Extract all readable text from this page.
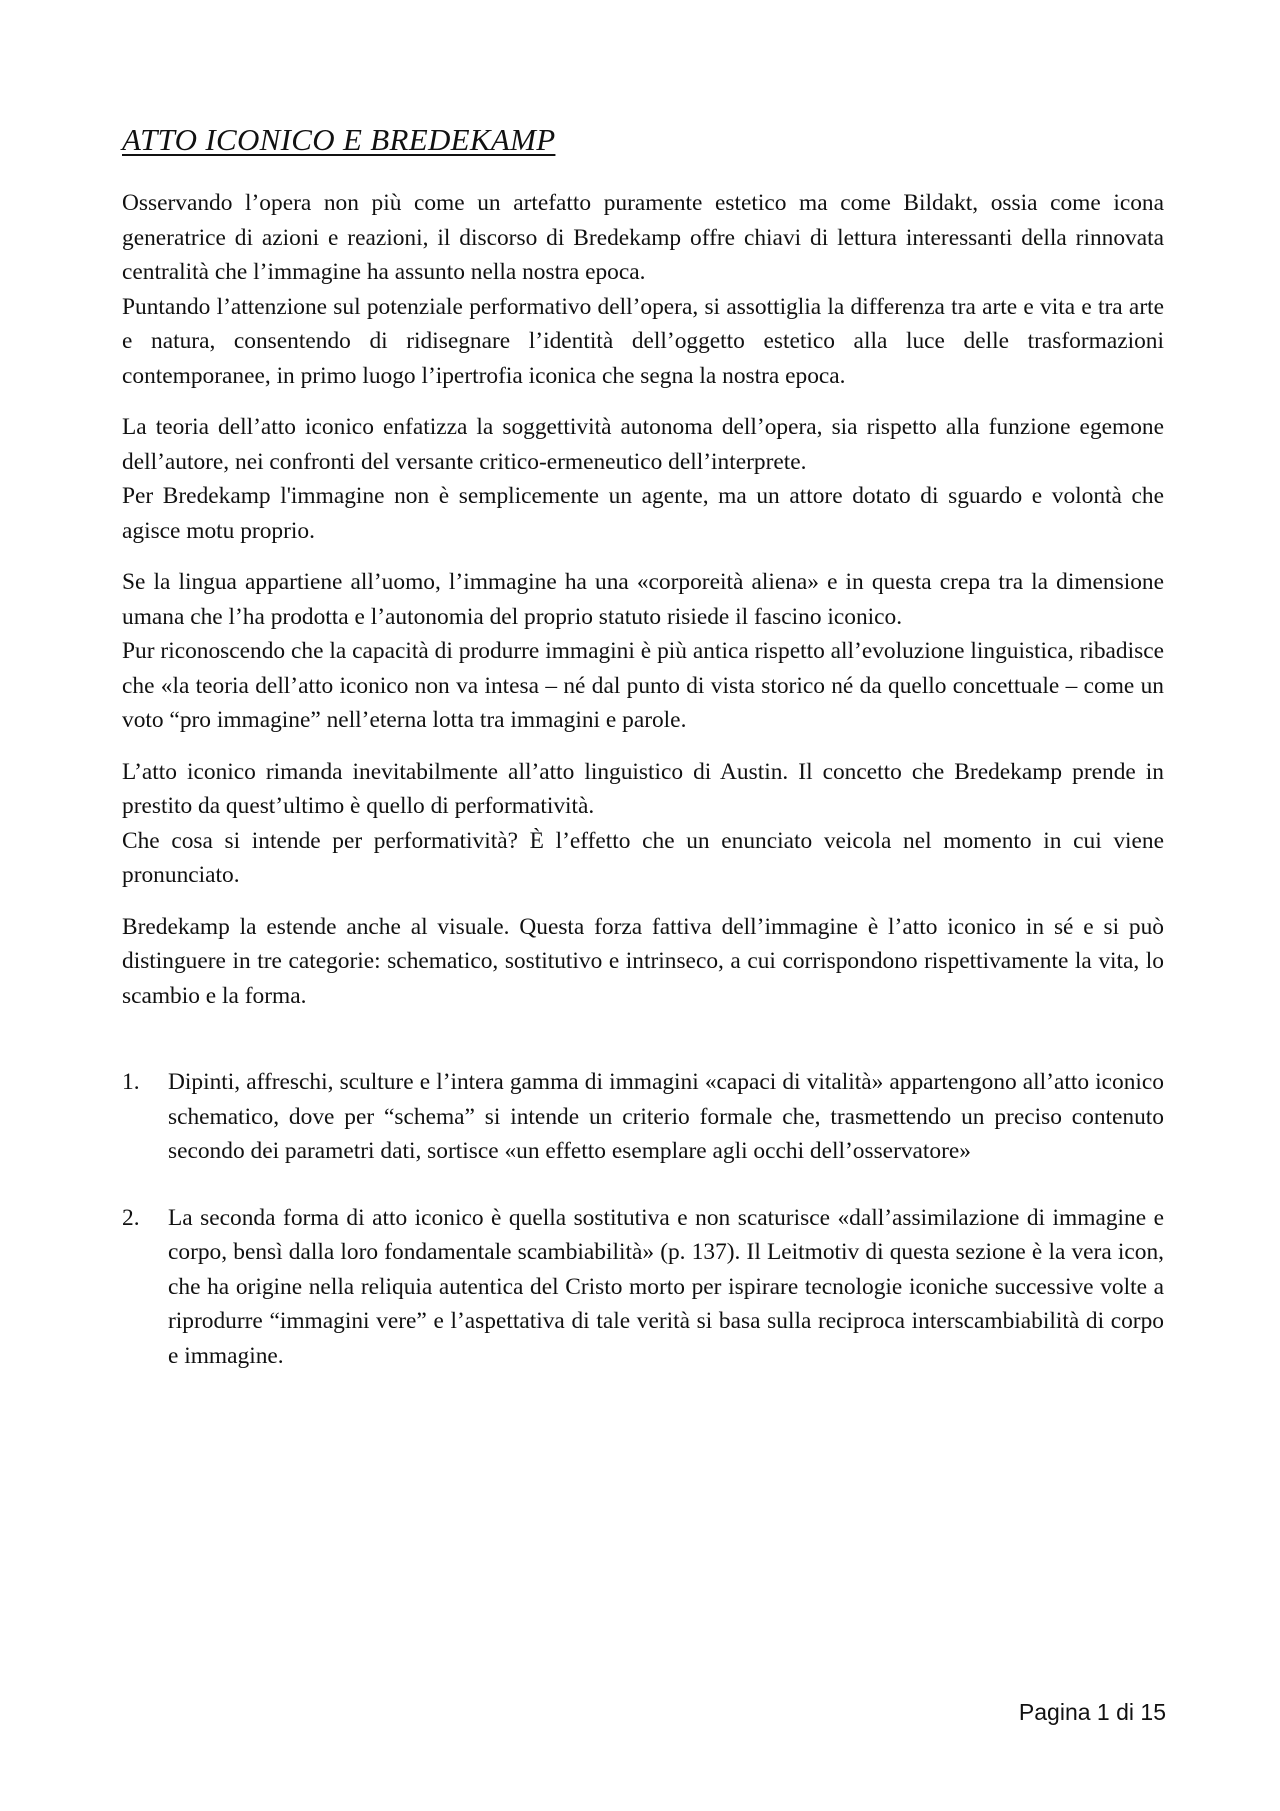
ATTO ICONICO E BREDEKAMP

Osservando l’opera non più come un artefatto puramente estetico ma come Bildakt, ossia come icona generatrice di azioni e reazioni, il discorso di Bredekamp offre chiavi di lettura interessanti della rinnovata centralità che l’immagine ha assunto nella nostra epoca.

Puntando l’attenzione sul potenziale performativo dell’opera, si assottiglia la differenza tra arte e vita e tra arte e natura, consentendo di ridisegnare l’identità dell’oggetto estetico alla luce delle trasformazioni contemporanee, in primo luogo l’ipertrofia iconica che segna la nostra epoca.

La teoria dell’atto iconico enfatizza la soggettività autonoma dell’opera, sia rispetto alla funzione egemone dell’autore, nei confronti del versante critico-ermeneutico dell’interprete.

Per Bredekamp l'immagine non è semplicemente un agente, ma un attore dotato di sguardo e volontà che agisce motu proprio.

Se la lingua appartiene all’uomo, l’immagine ha una «corporeità aliena» e in questa crepa tra la dimensione umana che l’ha prodotta e l’autonomia del proprio statuto risiede il fascino iconico.

Pur riconoscendo che la capacità di produrre immagini è più antica rispetto all’evoluzione linguistica, ribadisce che «la teoria dell’atto iconico non va intesa – né dal punto di vista storico né da quello concettuale – come un voto “pro immagine” nell’eterna lotta tra immagini e parole.

L’atto iconico rimanda inevitabilmente all’atto linguistico di Austin. Il concetto che Bredekamp prende in prestito da quest’ultimo è quello di performatività.

Che cosa si intende per performatività? È l’effetto che un enunciato veicola nel momento in cui viene pronunciato.

Bredekamp la estende anche al visuale. Questa forza fattiva dell’immagine è l’atto iconico in sé e si può distinguere in tre categorie: schematico, sostitutivo e intrinseco, a cui corrispondono rispettivamente la vita, lo scambio e la forma.

1.	Dipinti, affreschi, sculture e l’intera gamma di immagini «capaci di vitalità» appartengono all’atto iconico schematico, dove per “schema” si intende un criterio formale che, trasmettendo un preciso contenuto secondo dei parametri dati, sortisce «un effetto esemplare agli occhi dell’osservatore»
2.	La seconda forma di atto iconico è quella sostitutiva e non scaturisce «dall’assimilazione di immagine e corpo, bensì dalla loro fondamentale scambiabilità» (p. 137). Il Leitmotiv di questa sezione è la vera icon, che ha origine nella reliquia autentica del Cristo morto per ispirare tecnologie iconiche successive volte a riprodurre “immagini vere” e l’aspettativa di tale verità si basa sulla reciproca interscambiabilità di corpo e immagine.
Pagina 1 di 15
